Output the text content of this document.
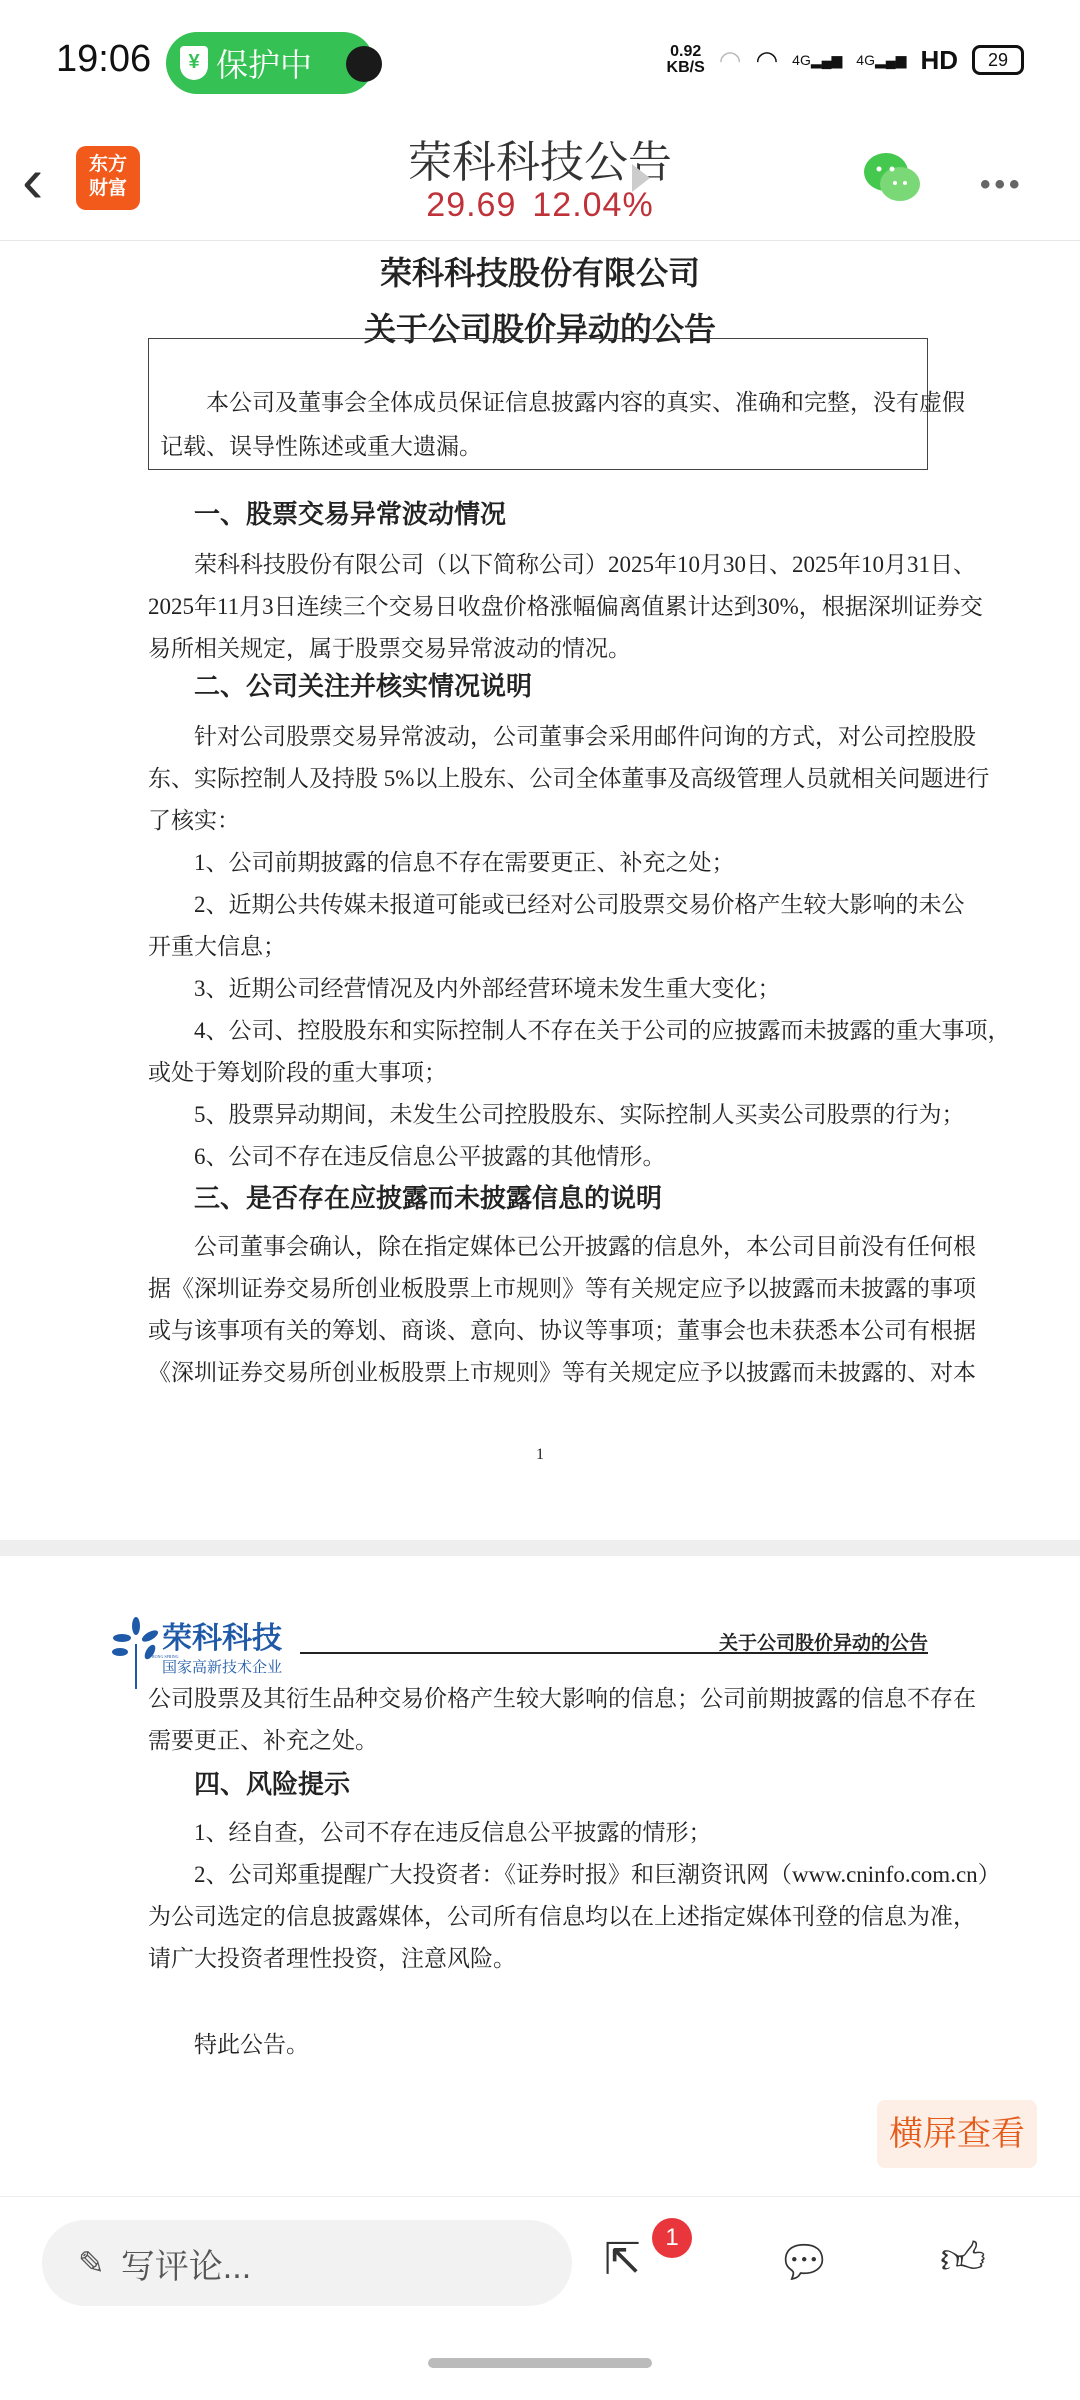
19:06	¥ 保护中	0.92
KB/S ◠ ◠ 4G▂▄▆ 4G▂▄▆ HD	29
‹	东方
财富
荣科科技公告
29.69 12.04%
•••
荣科科技股份有限公司
关于公司股价异动的公告
本公司及董事会全体成员保证信息披露内容的真实、准确和完整，没有虚假
记载、误导性陈述或重大遗漏。
一、股票交易异常波动情况
荣科科技股份有限公司（以下简称公司）2025年10月30日、2025年10月31日、
2025年11月3日连续三个交易日收盘价格涨幅偏离值累计达到30%，根据深圳证券交
易所相关规定，属于股票交易异常波动的情况。
二、公司关注并核实情况说明
针对公司股票交易异常波动，公司董事会采用邮件问询的方式，对公司控股股
东、实际控制人及持股 5%以上股东、公司全体董事及高级管理人员就相关问题进行
了核实：
1、公司前期披露的信息不存在需要更正、补充之处；
2、近期公共传媒未报道可能或已经对公司股票交易价格产生较大影响的未公
开重大信息；
3、近期公司经营情况及内外部经营环境未发生重大变化；
4、公司、控股股东和实际控制人不存在关于公司的应披露而未披露的重大事项，
或处于筹划阶段的重大事项；
5、股票异动期间，未发生公司控股股东、实际控制人买卖公司股票的行为；
6、公司不存在违反信息公平披露的其他情形。
三、是否存在应披露而未披露信息的说明
公司董事会确认，除在指定媒体已公开披露的信息外，本公司目前没有任何根
据《深圳证券交易所创业板股票上市规则》等有关规定应予以披露而未披露的事项
或与该事项有关的筹划、商谈、意向、协议等事项；董事会也未获悉本公司有根据
《深圳证券交易所创业板股票上市规则》等有关规定应予以披露而未披露的、对本
1
荣科科技
RONG SPRING
国家高新技术企业
关于公司股价异动的公告
公司股票及其衍生品种交易价格产生较大影响的信息；公司前期披露的信息不存在
需要更正、补充之处。
四、风险提示
1、经自查，公司不存在违反信息公平披露的情形；
2、公司郑重提醒广大投资者：《证券时报》和巨潮资讯网（www.cninfo.com.cn）
为公司选定的信息披露媒体，公司所有信息均以在上述指定媒体刊登的信息为准，
请广大投资者理性投资，注意风险。
特此公告。
横屏查看
✎ 写评论...	⇱	1
💬︎ 👍︎
